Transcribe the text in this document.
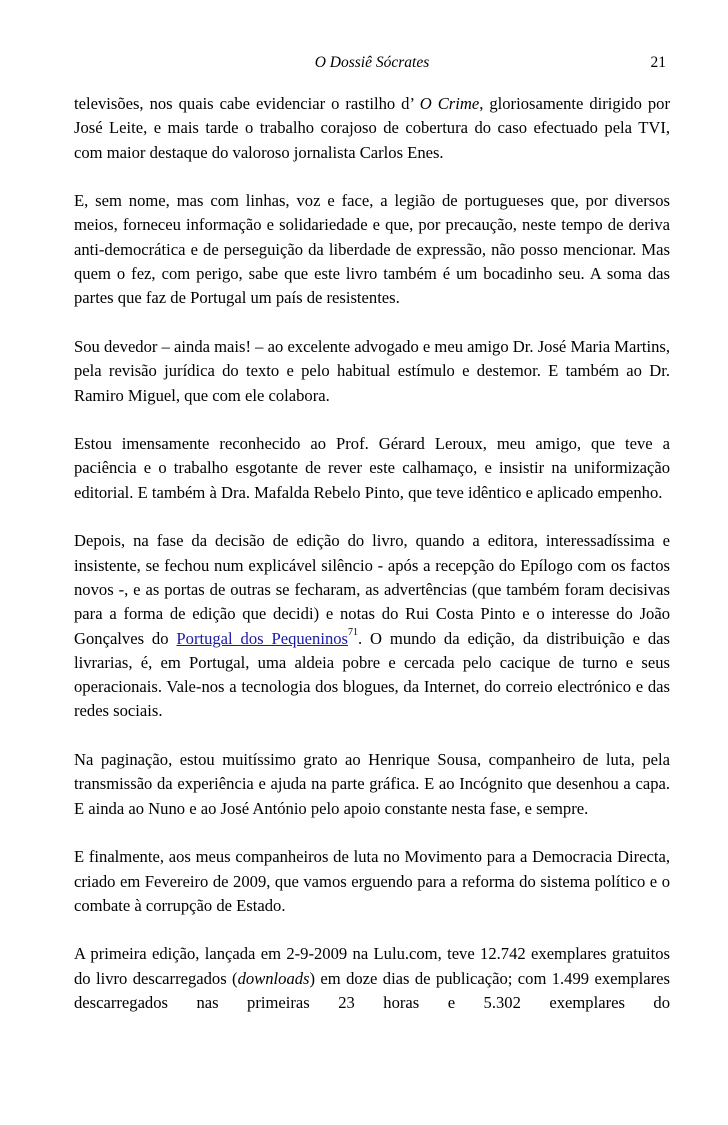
O Dossiê Sócrates	21

televisões, nos quais cabe evidenciar o rastilho d’ O Crime, gloriosamente dirigido por José Leite, e mais tarde o trabalho corajoso de cobertura do caso efectuado pela TVI, com maior destaque do valoroso jornalista Carlos Enes.

E, sem nome, mas com linhas, voz e face, a legião de portugueses que, por diversos meios, forneceu informação e solidariedade e que, por precaução, neste tempo de deriva anti-democrática e de perseguição da liberdade de expressão, não posso mencionar. Mas quem o fez, com perigo, sabe que este livro também é um bocadinho seu. A soma das partes que faz de Portugal um país de resistentes.

Sou devedor – ainda mais! – ao excelente advogado e meu amigo Dr. José Maria Martins, pela revisão jurídica do texto e pelo habitual estímulo e destemor. E também ao Dr. Ramiro Miguel, que com ele colabora.

Estou imensamente reconhecido ao Prof. Gérard Leroux, meu amigo, que teve a paciência e o trabalho esgotante de rever este calhamaço, e insistir na uniformização editorial. E também à Dra. Mafalda Rebelo Pinto, que teve idêntico e aplicado empenho.

Depois, na fase da decisão de edição do livro, quando a editora, interessadíssima e insistente, se fechou num explicável silêncio - após a recepção do Epílogo com os factos novos -, e as portas de outras se fecharam, as advertências (que também foram decisivas para a forma de edição que decidi) e notas do Rui Costa Pinto e o interesse do João Gonçalves do Portugal dos Pequeninos$^{71}$. O mundo da edição, da distribuição e das livrarias, é, em Portugal, uma aldeia pobre e cercada pelo cacique de turno e seus operacionais. Vale-nos a tecnologia dos blogues, da Internet, do correio electrónico e das redes sociais.

Na paginação, estou muitíssimo grato ao Henrique Sousa, companheiro de luta, pela transmissão da experiência e ajuda na parte gráfica. E ao Incógnito que desenhou a capa. E ainda ao Nuno e ao José António pelo apoio constante nesta fase, e sempre.

E finalmente, aos meus companheiros de luta no Movimento para a Democracia Directa, criado em Fevereiro de 2009, que vamos erguendo para a reforma do sistema político e o combate à corrupção de Estado.

A primeira edição, lançada em 2-9-2009 na Lulu.com, teve 12.742 exemplares gratuitos do livro descarregados (downloads) em doze dias de publicação; com 1.499 exemplares descarregados nas primeiras 23 horas e 5.302 exemplares do
